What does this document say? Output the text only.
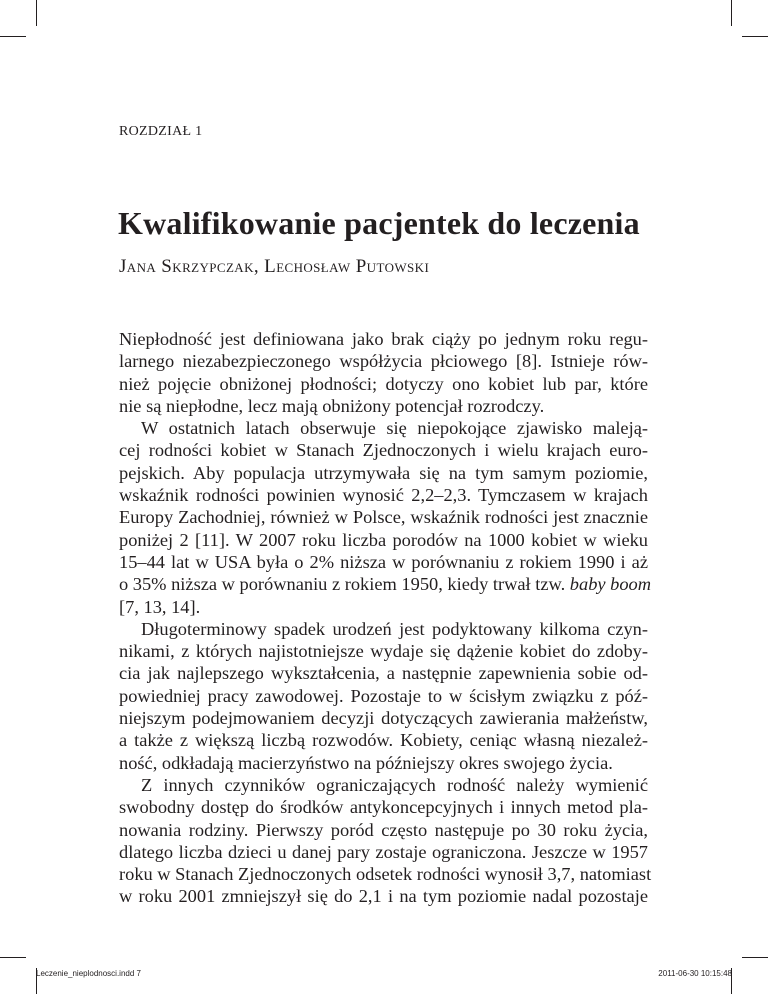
ROZDZIAŁ 1

Kwalifikowanie pacjentek do leczenia

Jana Skrzypczak, Lechosław Putowski

Niepłodność jest definiowana jako brak ciąży po jednym roku regu-
larnego niezabezpieczonego współżycia płciowego [8]. Istnieje rów-
nież pojęcie obniżonej płodności; dotyczy ono kobiet lub par, które
nie są niepłodne, lecz mają obniżony potencjał rozrodczy.
W ostatnich latach obserwuje się niepokojące zjawisko maleją-
cej rodności kobiet w Stanach Zjednoczonych i wielu krajach euro-
pejskich. Aby populacja utrzymywała się na tym samym poziomie,
wskaźnik rodności powinien wynosić 2,2–2,3. Tymczasem w krajach
Europy Zachodniej, również w Polsce, wskaźnik rodności jest znacznie
poniżej 2 [11]. W 2007 roku liczba porodów na 1000 kobiet w wieku
15–44 lat w USA była o 2% niższa w porównaniu z rokiem 1990 i aż
o 35% niższa w porównaniu z rokiem 1950, kiedy trwał tzw. baby boom
[7, 13, 14].
Długoterminowy spadek urodzeń jest podyktowany kilkoma czyn-
nikami, z których najistotniejsze wydaje się dążenie kobiet do zdoby-
cia jak najlepszego wykształcenia, a następnie zapewnienia sobie od-
powiedniej pracy zawodowej. Pozostaje to w ścisłym związku z póź-
niejszym podejmowaniem decyzji dotyczących zawierania małżeństw,
a także z większą liczbą rozwodów. Kobiety, ceniąc własną niezależ-
ność, odkładają macierzyństwo na późniejszy okres swojego życia.
Z innych czynników ograniczających rodność należy wymienić
swobodny dostęp do środków antykoncepcyjnych i innych metod pla-
nowania rodziny. Pierwszy poród często następuje po 30 roku życia,
dlatego liczba dzieci u danej pary zostaje ograniczona. Jeszcze w 1957
roku w Stanach Zjednoczonych odsetek rodności wynosił 3,7, natomiast
w roku 2001 zmniejszył się do 2,1 i na tym poziomie nadal pozostaje

Leczenie_nieplodnosci.indd 7	2011-06-30 10:15:48
